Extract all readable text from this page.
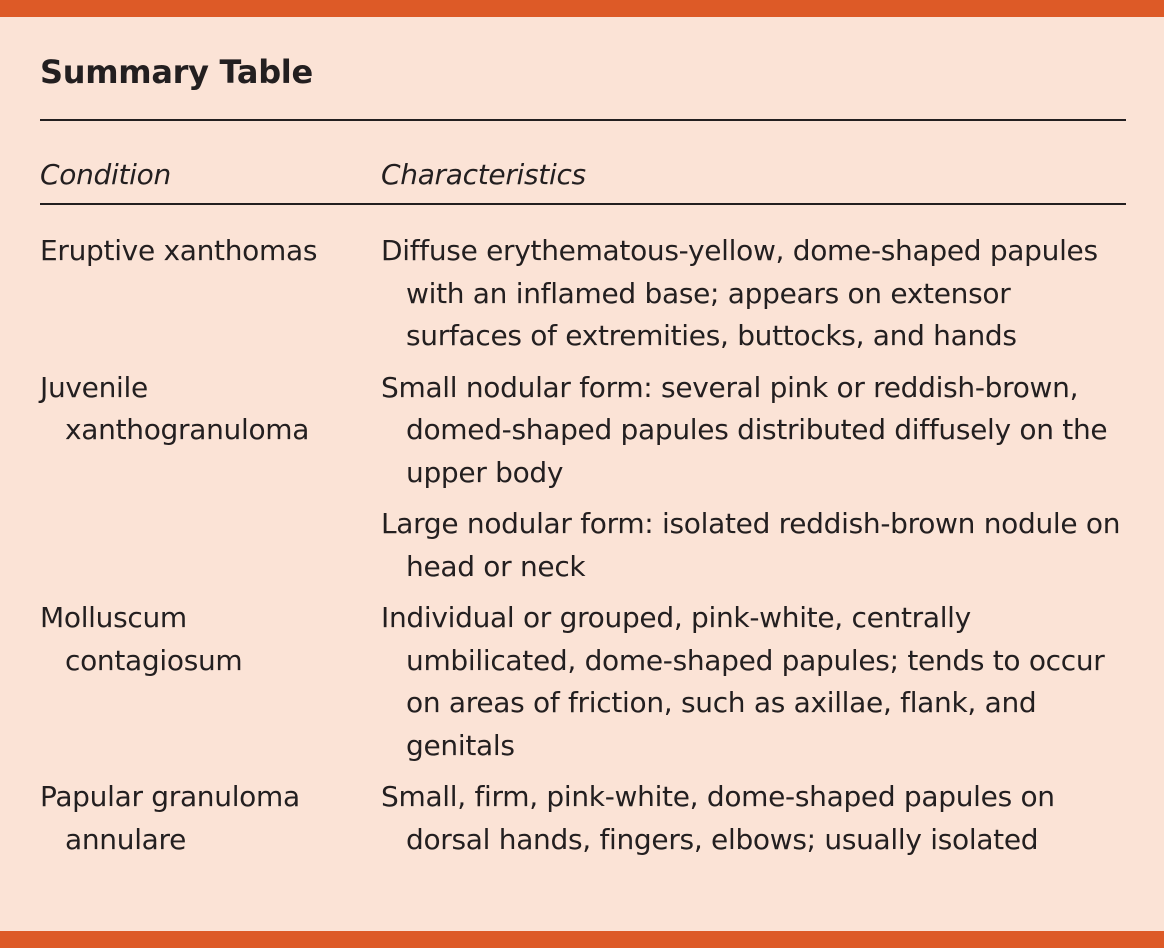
Summary Table
Condition	Characteristics
Eruptive xanthomas	Diffuse erythematous-yellow, dome-shaped papules with an inflamed base; appears on extensor surfaces of extremities, buttocks, and hands
Juvenile xanthogranuloma
Small nodular form: several pink or reddish-brown, domed-shaped papules distributed diffusely on the upper body
Large nodular form: isolated reddish-brown nodule on head or neck
Molluscum contagiosum
Individual or grouped, pink-white, centrally umbilicated, dome-shaped papules; tends to occur on areas of friction, such as axillae, flank, and genitals
Papular granuloma annulare
Small, firm, pink-white, dome-shaped papules on dorsal hands, fingers, elbows; usually isolated
